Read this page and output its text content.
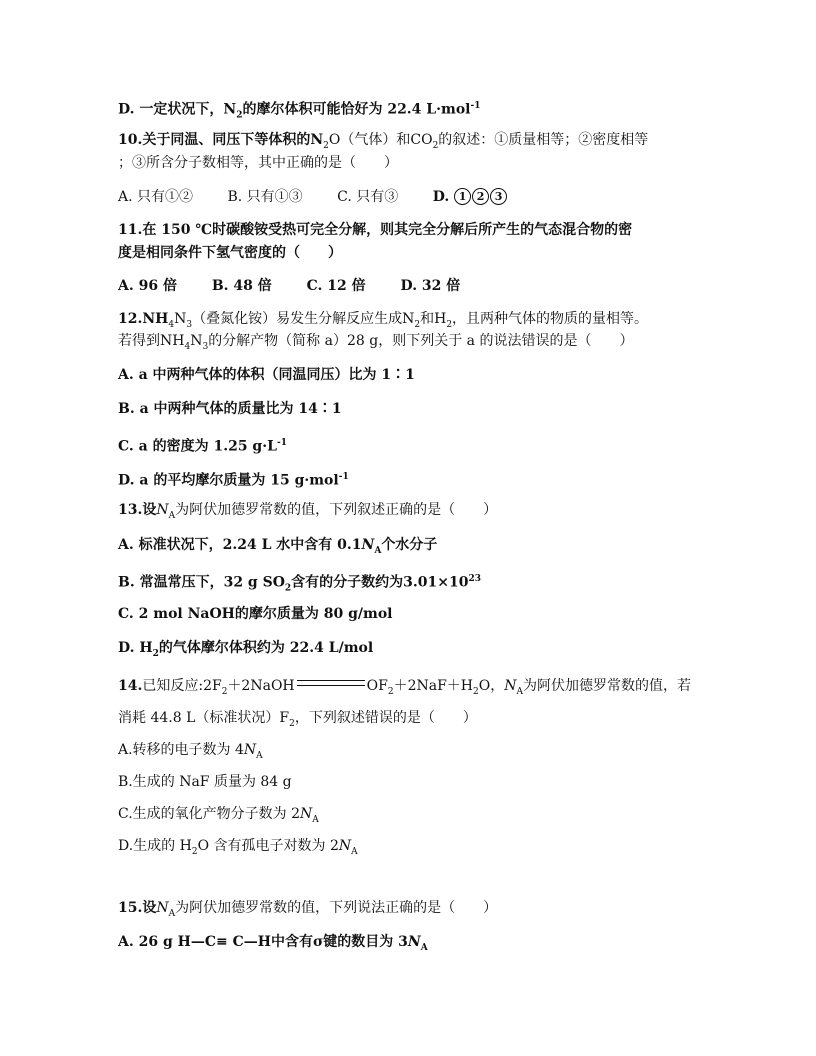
D. 一定状况下，$N_2$的摩尔体积可能恰好为 22.4 L·mol$^{-1}$
10.关于同温、同压下等体积的$N_2O$（气体）和$CO_2$的叙述：①质量相等；②密度相等
；③所含分子数相等，其中正确的是（　　）
A. 只有①② B. 只有①③ C. 只有③ D. 1 2 3
11.在 150 ℃时碳酸铵受热可完全分解，则其完全分解后所产生的气态混合物的密
度是相同条件下氢气密度的（　　）
A. 96 倍 B. 48 倍 C. 12 倍 D. 32 倍
$12.NH_4N_3$（叠氮化铵）易发生分解反应生成$N_2$和$H_2$，且两种气体的物质的量相等。
若得到$NH_4N_3$的分解产物（简称 a）28 g，则下列关于 a 的说法错误的是（　　）
A. a 中两种气体的体积（同温同压）比为 1∶1
B. a 中两种气体的质量比为 14∶1
C. a 的密度为 1.25 $g\cdot L^{-1}$
D. a 的平均摩尔质量为 15 g·mol$^{-1}$
13.设$N_A$为阿伏加德罗常数的值，下列叙述正确的是（　　）
A. 标准状况下，2.24 L 水中含有 $0.1N_A$个水分子
B. 常温常压下，32 g $SO_2$含有的分子数约为$3.01\times 10^{23}$
C. 2 mol NaOH的摩尔质量为 80 g/mol
D. $H_2$的气体摩尔体积约为 22.4 L/mol
14.已知反应$:2F_2+2NaOH$	$OF_2+2NaF+H_2O$，$N_A$为阿伏加德罗常数的值，若
消耗 44.8 L（标准状况）$F_2$，下列叙述错误的是（　　）
A.转移的电子数为 $4N_A$
B.生成的 NaF 质量为 84 g
C.生成的氧化产物分子数为 $2N_A$
D.生成的 $H_2O$ 含有孤电子对数为 $2N_A$
15.设$N_A$为阿伏加德罗常数的值，下列说法正确的是（　　）
A. 26 g H—C≡ C—H中含有σ键的数目为 $3N_A$
